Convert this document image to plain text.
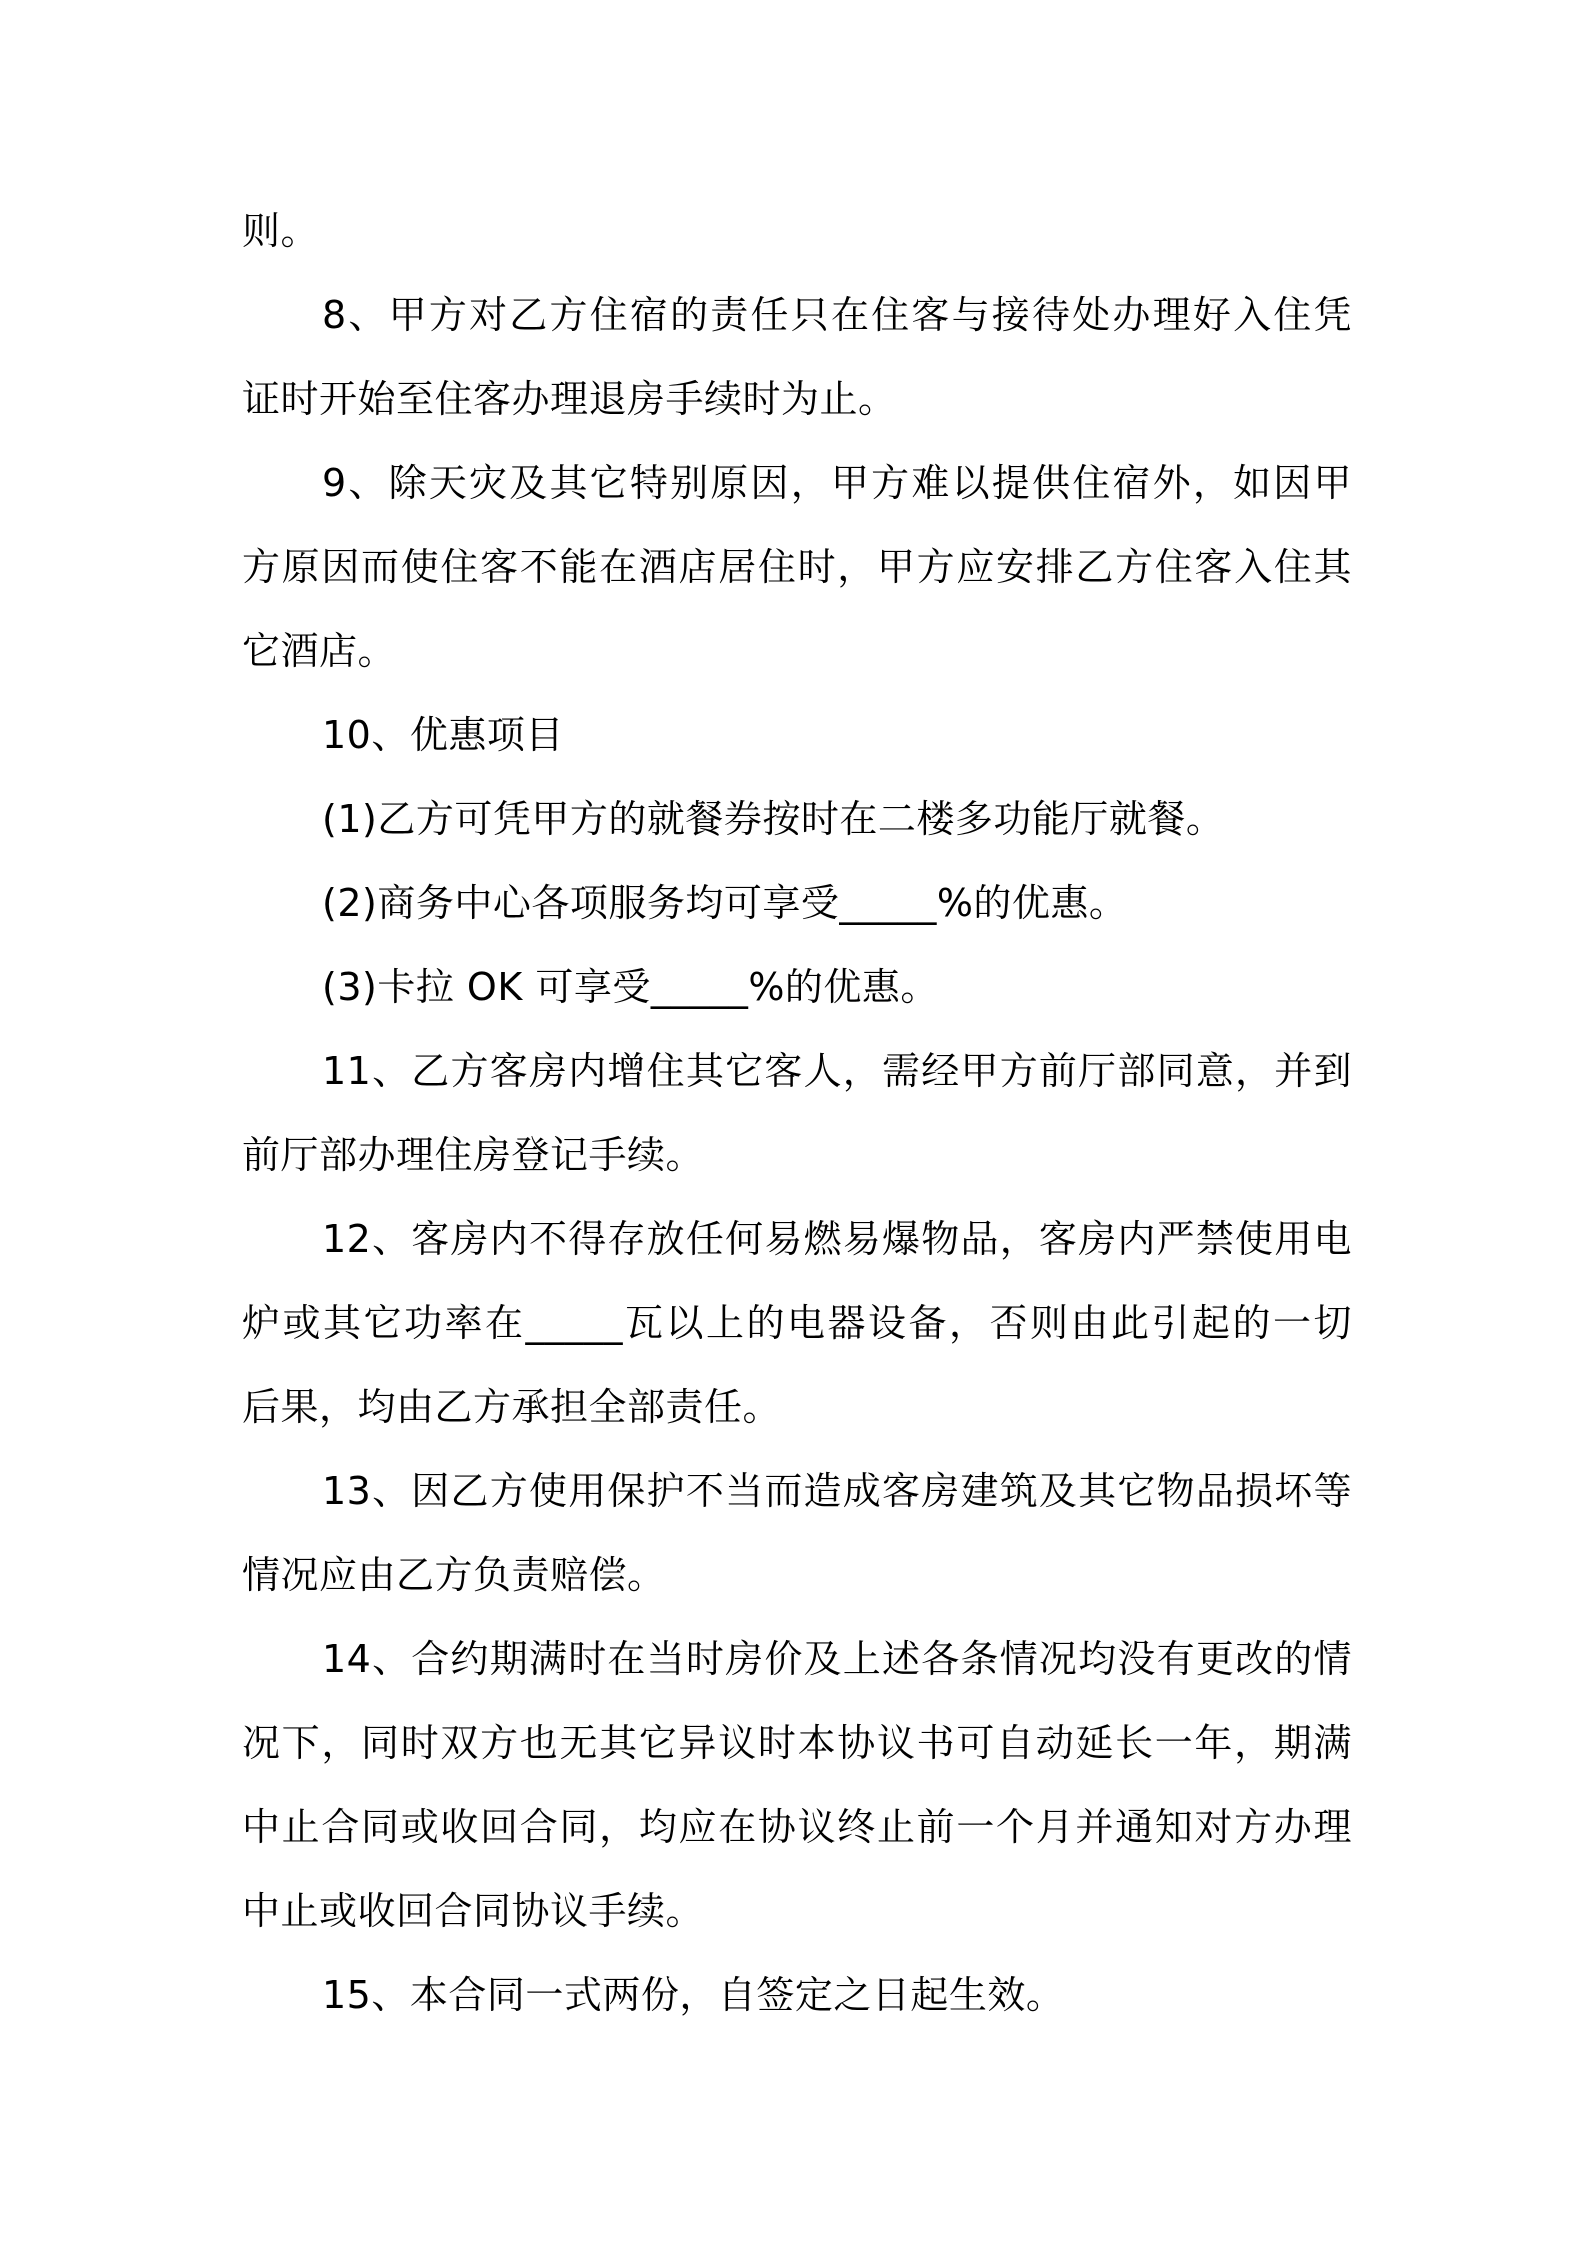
则。
8、甲方对乙方住宿的责任只在住客与接待处办理好入住凭
证时开始至住客办理退房手续时为止。
9、除天灾及其它特别原因，甲方难以提供住宿外，如因甲
方原因而使住客不能在酒店居住时，甲方应安排乙方住客入住其
它酒店。
10、优惠项目
(1)乙方可凭甲方的就餐券按时在二楼多功能厅就餐。
(2)商务中心各项服务均可享受_____%的优惠。
(3)卡拉 OK 可享受_____%的优惠。
11、乙方客房内增住其它客人，需经甲方前厅部同意，并到
前厅部办理住房登记手续。
12、客房内不得存放任何易燃易爆物品，客房内严禁使用电
炉或其它功率在_____瓦以上的电器设备，否则由此引起的一切
后果，均由乙方承担全部责任。
13、因乙方使用保护不当而造成客房建筑及其它物品损坏等
情况应由乙方负责赔偿。
14、合约期满时在当时房价及上述各条情况均没有更改的情
况下，同时双方也无其它异议时本协议书可自动延长一年，期满
中止合同或收回合同，均应在协议终止前一个月并通知对方办理
中止或收回合同协议手续。
15、本合同一式两份，自签定之日起生效。
